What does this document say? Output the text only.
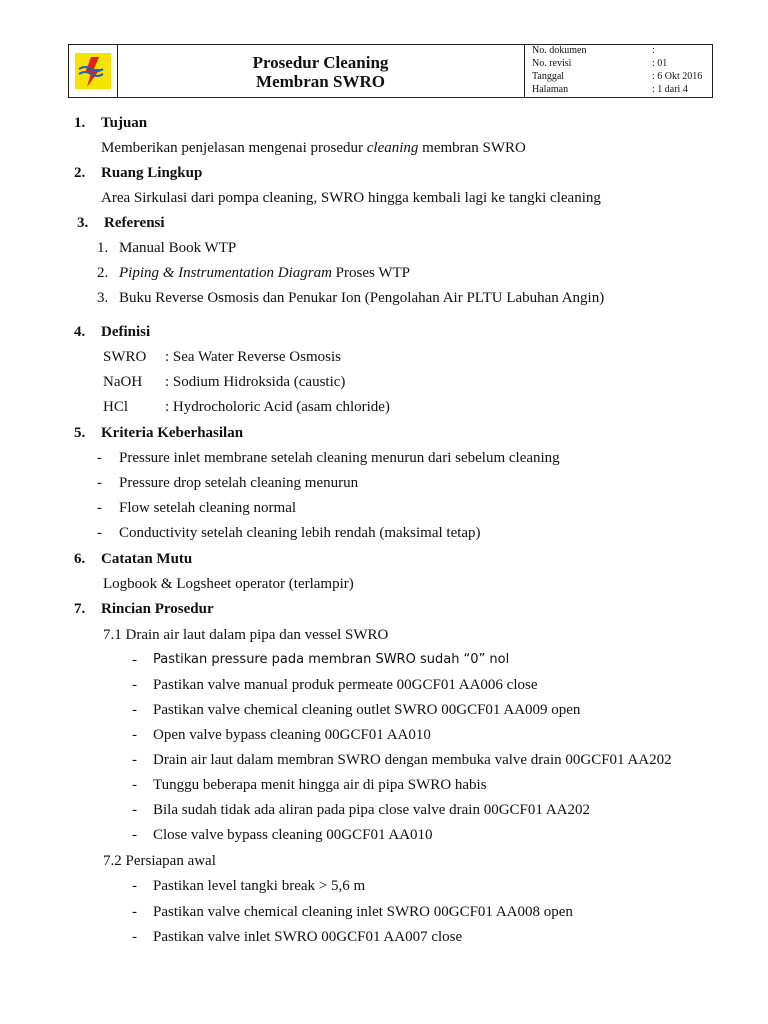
Prosedur Cleaning
Membran SWRO
No. dokumen	:
No. revisi	: 01
Tanggal	: 6 Okt 2016
Halaman	: 1 dari 4
1. Tujuan
Memberikan penjelasan mengenai prosedur cleaning membran SWRO
2. Ruang Lingkup
Area Sirkulasi dari pompa cleaning, SWRO hingga kembali lagi ke tangki cleaning
3. Referensi
1. Manual Book WTP
2. Piping & Instrumentation Diagram Proses WTP
3. Buku Reverse Osmosis dan Penukar Ion (Pengolahan Air PLTU Labuhan Angin)
4. Definisi
SWRO : Sea Water Reverse Osmosis
NaOH : Sodium Hidroksida (caustic)
HCl : Hydrocholoric Acid (asam chloride)
5. Kriteria Keberhasilan
- Pressure inlet membrane setelah cleaning menurun dari sebelum cleaning
- Pressure drop setelah cleaning menurun
- Flow setelah cleaning normal
- Conductivity setelah cleaning lebih rendah (maksimal tetap)
6. Catatan Mutu
Logbook & Logsheet operator (terlampir)
7. Rincian Prosedur
7.1 Drain air laut dalam pipa dan vessel SWRO
- Pastikan pressure pada membran SWRO sudah “0” nol
- Pastikan valve manual produk permeate 00GCF01 AA006 close
- Pastikan valve chemical cleaning outlet SWRO 00GCF01 AA009 open
- Open valve bypass cleaning 00GCF01 AA010
- Drain air laut dalam membran SWRO dengan membuka valve drain 00GCF01 AA202
- Tunggu beberapa menit hingga air di pipa SWRO habis
- Bila sudah tidak ada aliran pada pipa close valve drain 00GCF01 AA202
- Close valve bypass cleaning 00GCF01 AA010
7.2 Persiapan awal
- Pastikan level tangki break > 5,6 m
- Pastikan valve chemical cleaning inlet SWRO 00GCF01 AA008 open
- Pastikan valve inlet SWRO 00GCF01 AA007 close
